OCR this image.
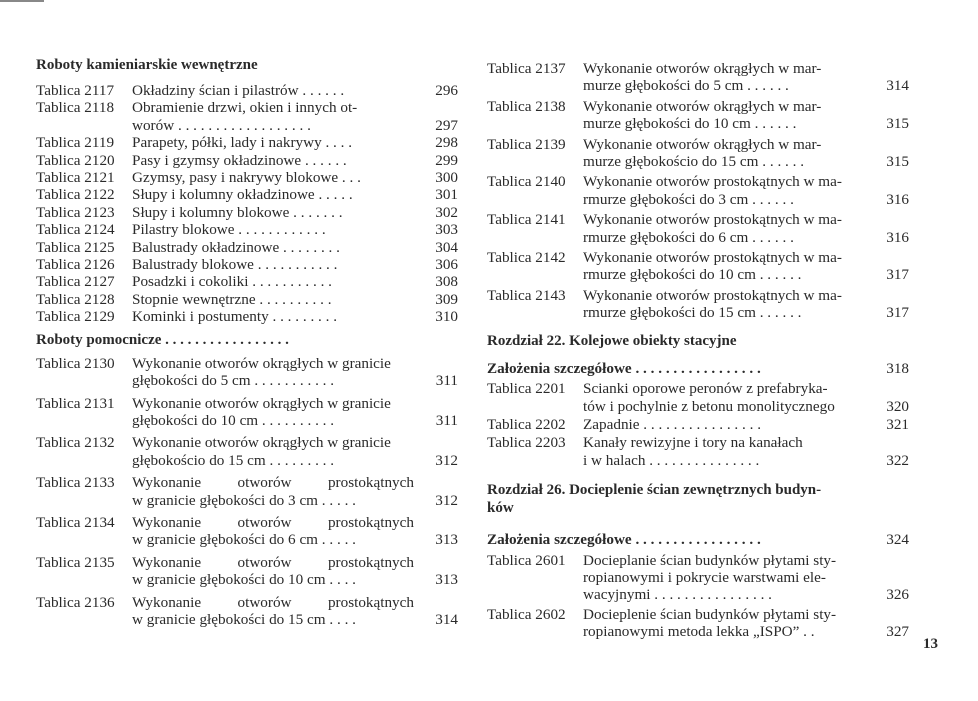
Roboty kamieniarskie wewnętrzne
Tablica 2117	Okładziny ścian i pilastrów . . . . . .	296
Tablica 2118	Obramienie drzwi, okien i innych ot-
worów . . . . . . . . . . . . . . . . . .	297
Tablica 2119	Parapety, półki, lady i nakrywy . . . .	298
Tablica 2120	Pasy i gzymsy okładzinowe . . . . . .	299
Tablica 2121	Gzymsy, pasy i nakrywy blokowe . . .	300
Tablica 2122	Słupy i kolumny okładzinowe . . . . .	301
Tablica 2123	Słupy i kolumny blokowe . . . . . . .	302
Tablica 2124	Pilastry blokowe . . . . . . . . . . . .	303
Tablica 2125	Balustrady okładzinowe . . . . . . . .	304
Tablica 2126	Balustrady blokowe . . . . . . . . . . .	306
Tablica 2127	Posadzki i cokoliki . . . . . . . . . . .	308
Tablica 2128	Stopnie wewnętrzne . . . . . . . . . .	309
Tablica 2129	Kominki i postumenty . . . . . . . . .	310
Roboty pomocnicze . . . . . . . . . . . . . . . . .
Tablica 2130	Wykonanie otworów okrągłych w granicie
głębokości do 5 cm . . . . . . . . . . .	311
Tablica 2131	Wykonanie otworów okrągłych w granicie
głębokości do 10 cm . . . . . . . . . .	311
Tablica 2132	Wykonanie otworów okrągłych w granicie
głębokościo do 15 cm . . . . . . . . .	312
Tablica 2133	Wykonanie otworów prostokątnych
w granicie głębokości do 3 cm . . . . .	312
Tablica 2134	Wykonanie otworów prostokątnych
w granicie głębokości do 6 cm . . . . .	313
Tablica 2135	Wykonanie otworów prostokątnych
w granicie głębokości do 10 cm . . . .	313
Tablica 2136	Wykonanie otworów prostokątnych
w granicie głębokości do 15 cm . . . .	314
Tablica 2137	Wykonanie otworów okrągłych w mar-
murze głębokości do 5 cm . . . . . .	314
Tablica 2138	Wykonanie otworów okrągłych w mar-
murze głębokości do 10 cm . . . . . .	315
Tablica 2139	Wykonanie otworów okrągłych w mar-
murze głębokościo do 15 cm . . . . . .	315
Tablica 2140	Wykonanie otworów prostokątnych w ma-
rmurze głębokości do 3 cm . . . . . .	316
Tablica 2141	Wykonanie otworów prostokątnych w ma-
rmurze głębokości do 6 cm . . . . . .	316
Tablica 2142	Wykonanie otworów prostokątnych w ma-
rmurze głębokości do 10 cm . . . . . .	317
Tablica 2143	Wykonanie otworów prostokątnych w ma-
rmurze głębokości do 15 cm . . . . . .	317
Rozdział 22. Kolejowe obiekty stacyjne
Założenia szczegółowe . . . . . . . . . . . . . . . . .	318
Tablica 2201	Scianki oporowe peronów z prefabryka-
tów i pochylnie z betonu monolitycznego	320
Tablica 2202	Zapadnie . . . . . . . . . . . . . . . .	321
Tablica 2203	Kanały rewizyjne i tory na kanałach
i w halach . . . . . . . . . . . . . . .	322
Rozdział 26. Docieplenie ścian zewnętrznych budyn-
ków
Założenia szczegółowe . . . . . . . . . . . . . . . . .	324
Tablica 2601	Docieplanie ścian budynków płytami sty-
ropianowymi i pokrycie warstwami ele-
wacyjnymi . . . . . . . . . . . . . . . .	326
Tablica 2602	Docieplenie ścian budynków płytami sty-
ropianowymi metoda lekka „ISPO” . .	327
13
